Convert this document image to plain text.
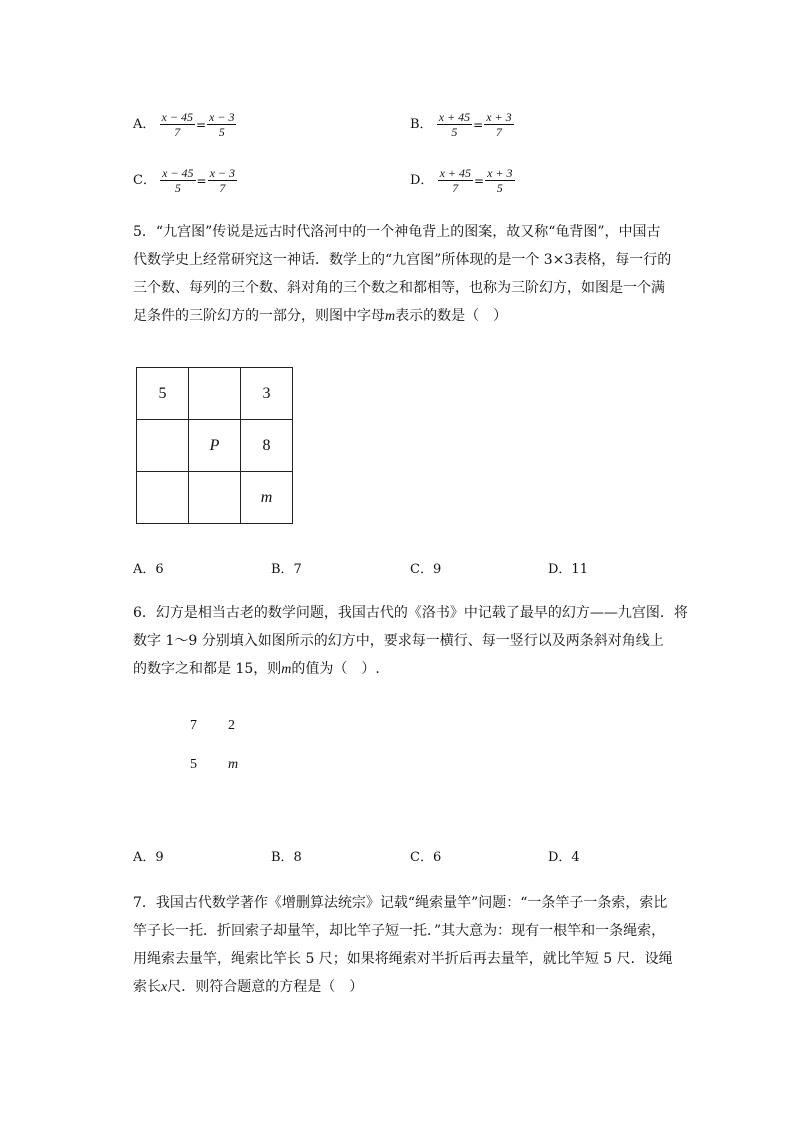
A． $\frac{x - 45}{7} = \frac{x - 3}{5}$	B． $\frac{x + 45}{5} = \frac{x + 3}{7}$
C． $\frac{x - 45}{5} = \frac{x - 3}{7}$	D． $\frac{x + 45}{7} = \frac{x + 3}{5}$
5．“九宫图”传说是远古时代洛河中的一个神龟背上的图案，故又称“龟背图”，中国古
代数学史上经常研究这一神话．数学上的“九宫图”所体现的是一个 3×3表格，每一行的
三个数、每列的三个数、斜对角的三个数之和都相等，也称为三阶幻方，如图是一个满
足条件的三阶幻方的一部分，则图中字母m表示的数是（　）
5		3
	P	8
		m
A．6	B．7	C．9	D．11
6．幻方是相当古老的数学问题，我国古代的《洛书》中记载了最早的幻方——九宫图．将
数字 1～9 分别填入如图所示的幻方中，要求每一横行、每一竖行以及两条斜对角线上
的数字之和都是 15，则m的值为（　）.
7 2
5 m
A．9	B．8	C．6	D．4
7．我国古代数学著作《增删算法统宗》记载“绳索量竿”问题：“一条竿子一条索，索比
竿子长一托．折回索子却量竿，却比竿子短一托．”其大意为：现有一根竿和一条绳索，
用绳索去量竿，绳索比竿长 5 尺；如果将绳索对半折后再去量竿，就比竿短 5 尺．设绳
索长x尺．则符合题意的方程是（　）
